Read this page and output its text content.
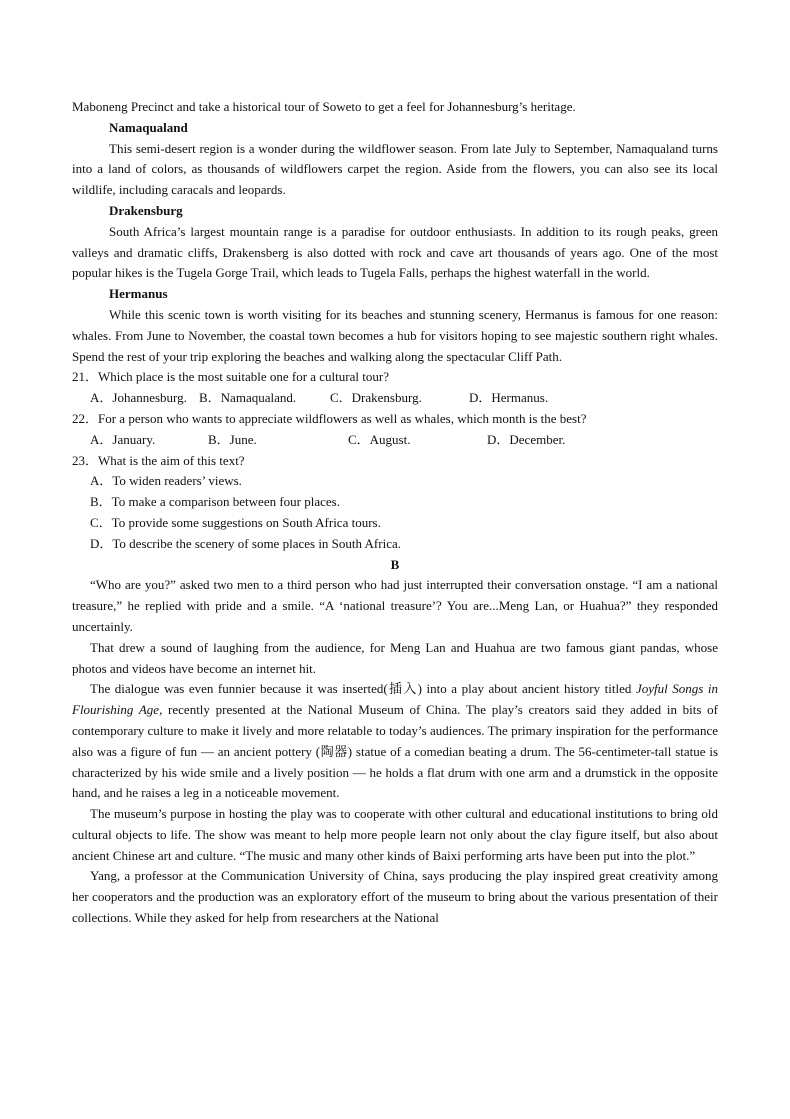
Maboneng Precinct and take a historical tour of Soweto to get a feel for Johannesburg’s heritage.

Namaqualand

This semi-desert region is a wonder during the wildflower season. From late July to September, Namaqualand turns into a land of colors, as thousands of wildflowers carpet the region. Aside from the flowers, you can also see its local wildlife, including caracals and leopards.

Drakensburg

South Africa’s largest mountain range is a paradise for outdoor enthusiasts. In addition to its rough peaks, green valleys and dramatic cliffs, Drakensberg is also dotted with rock and cave art thousands of years ago. One of the most popular hikes is the Tugela Gorge Trail, which leads to Tugela Falls, perhaps the highest waterfall in the world.

Hermanus

While this scenic town is worth visiting for its beaches and stunning scenery, Hermanus is famous for one reason: whales. From June to November, the coastal town becomes a hub for visitors hoping to see majestic southern right whales. Spend the rest of your trip exploring the beaches and walking along the spectacular Cliff Path.

21．Which place is the most suitable one for a cultural tour?

A．Johannesburg. B．Namaqualand.	C．Drakensburg.	D．Hermanus.

22．For a person who wants to appreciate wildflowers as well as whales, which month is the best?

A．January.	B．June.	C．August.	D．December.

23．What is the aim of this text?

A．To widen readers’ views.

B．To make a comparison between four places.

C．To provide some suggestions on South Africa tours.

D．To describe the scenery of some places in South Africa.

B

“Who are you?” asked two men to a third person who had just interrupted their conversation onstage. “I am a national treasure,” he replied with pride and a smile. “A ‘national treasure’? You are...Meng Lan, or Huahua?” they responded uncertainly.

That drew a sound of laughing from the audience, for Meng Lan and Huahua are two famous giant pandas, whose photos and videos have become an internet hit.

The dialogue was even funnier because it was inserted(插入) into a play about ancient history titled Joyful Songs in Flourishing Age, recently presented at the National Museum of China. The play’s creators said they added in bits of contemporary culture to make it lively and more relatable to today’s audiences. The primary inspiration for the performance also was a figure of fun — an ancient pottery (陶器) statue of a comedian beating a drum. The 56-centimeter-tall statue is characterized by his wide smile and a lively position — he holds a flat drum with one arm and a drumstick in the opposite hand, and he raises a leg in a noticeable movement.

The museum’s purpose in hosting the play was to cooperate with other cultural and educational institutions to bring old cultural objects to life. The show was meant to help more people learn not only about the clay figure itself, but also about ancient Chinese art and culture. “The music and many other kinds of Baixi performing arts have been put into the plot.”

Yang, a professor at the Communication University of China, says producing the play inspired great creativity among her cooperators and the production was an exploratory effort of the museum to bring about the various presentation of their collections. While they asked for help from researchers at the National
